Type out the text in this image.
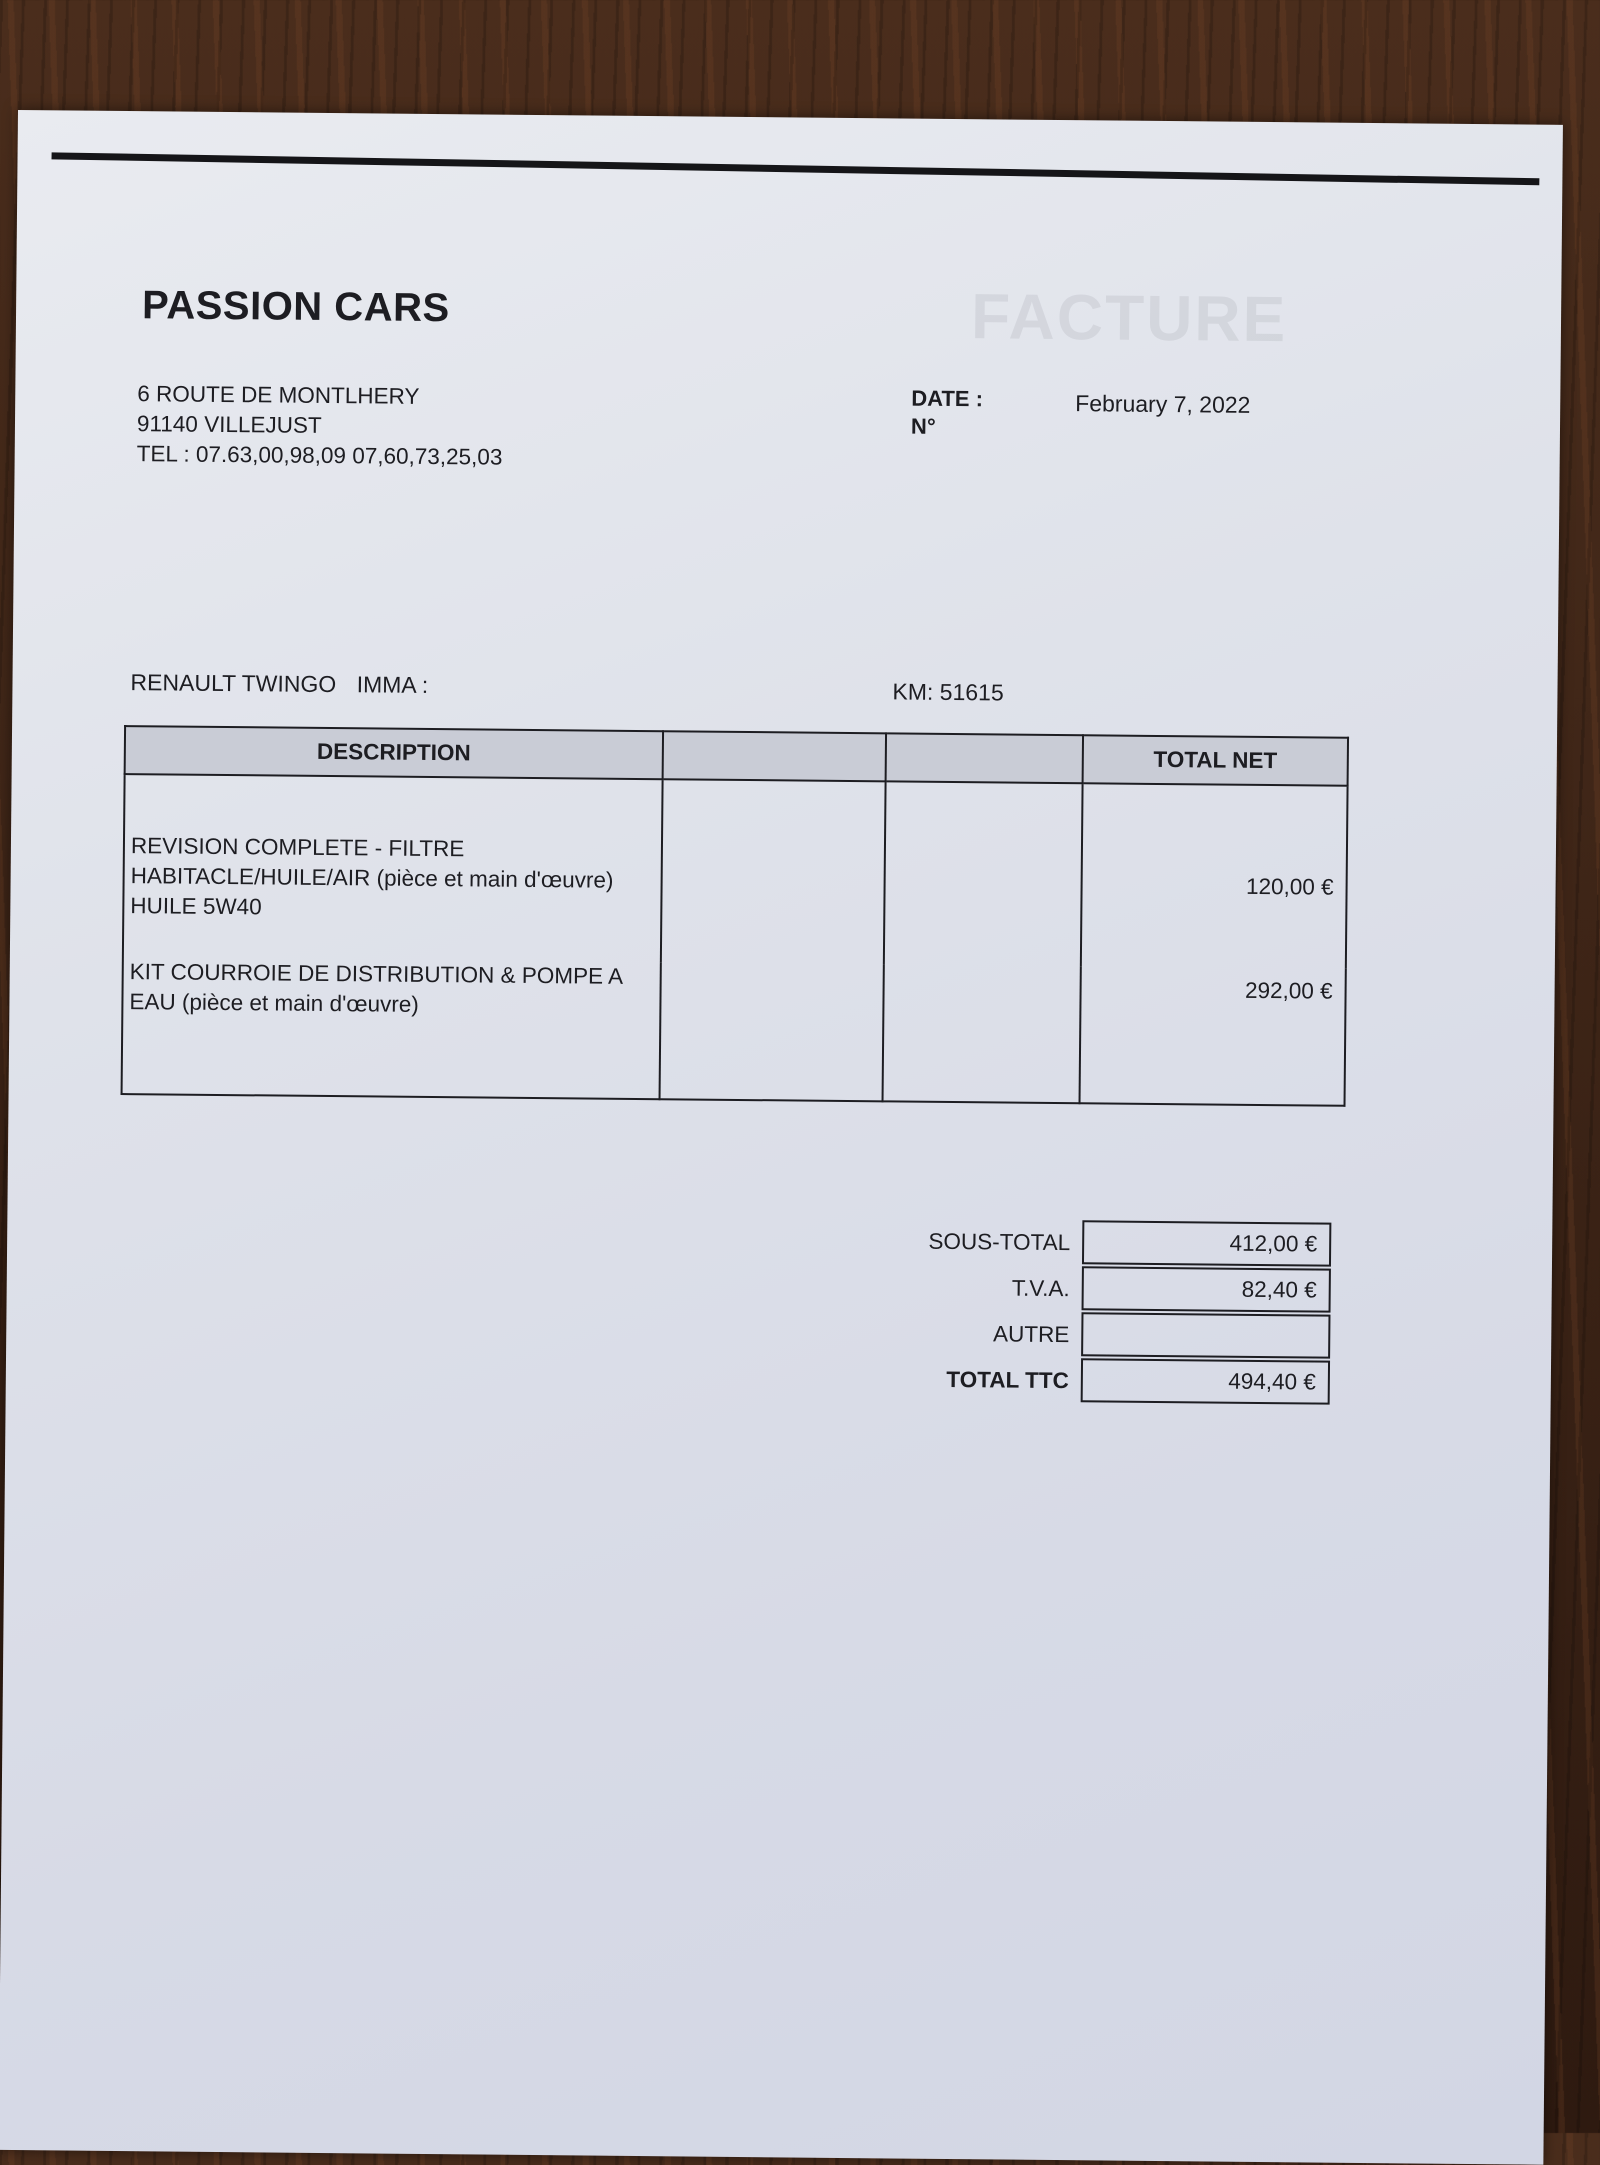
FACTURE
PASSION CARS
6 ROUTE DE MONTLHERY
91140 VILLEJUST
TEL : 07.63,00,98,09 07,60,73,25,03
DATE :
N°
February 7, 2022
RENAULT TWINGO IMMA :	KM: 51615
DESCRIPTION			TOTAL NET

REVISION COMPLETE - FILTRE HABITACLE/HUILE/AIR (pièce et main d'œuvre) HUILE 5W40			120,00 €

KIT COURROIE DE DISTRIBUTION & POMPE A EAU (pièce et main d'œuvre)			292,00 €
SOUS-TOTAL	412,00 €
T.V.A.	82,40 €
AUTRE
TOTAL TTC	494,40 €
